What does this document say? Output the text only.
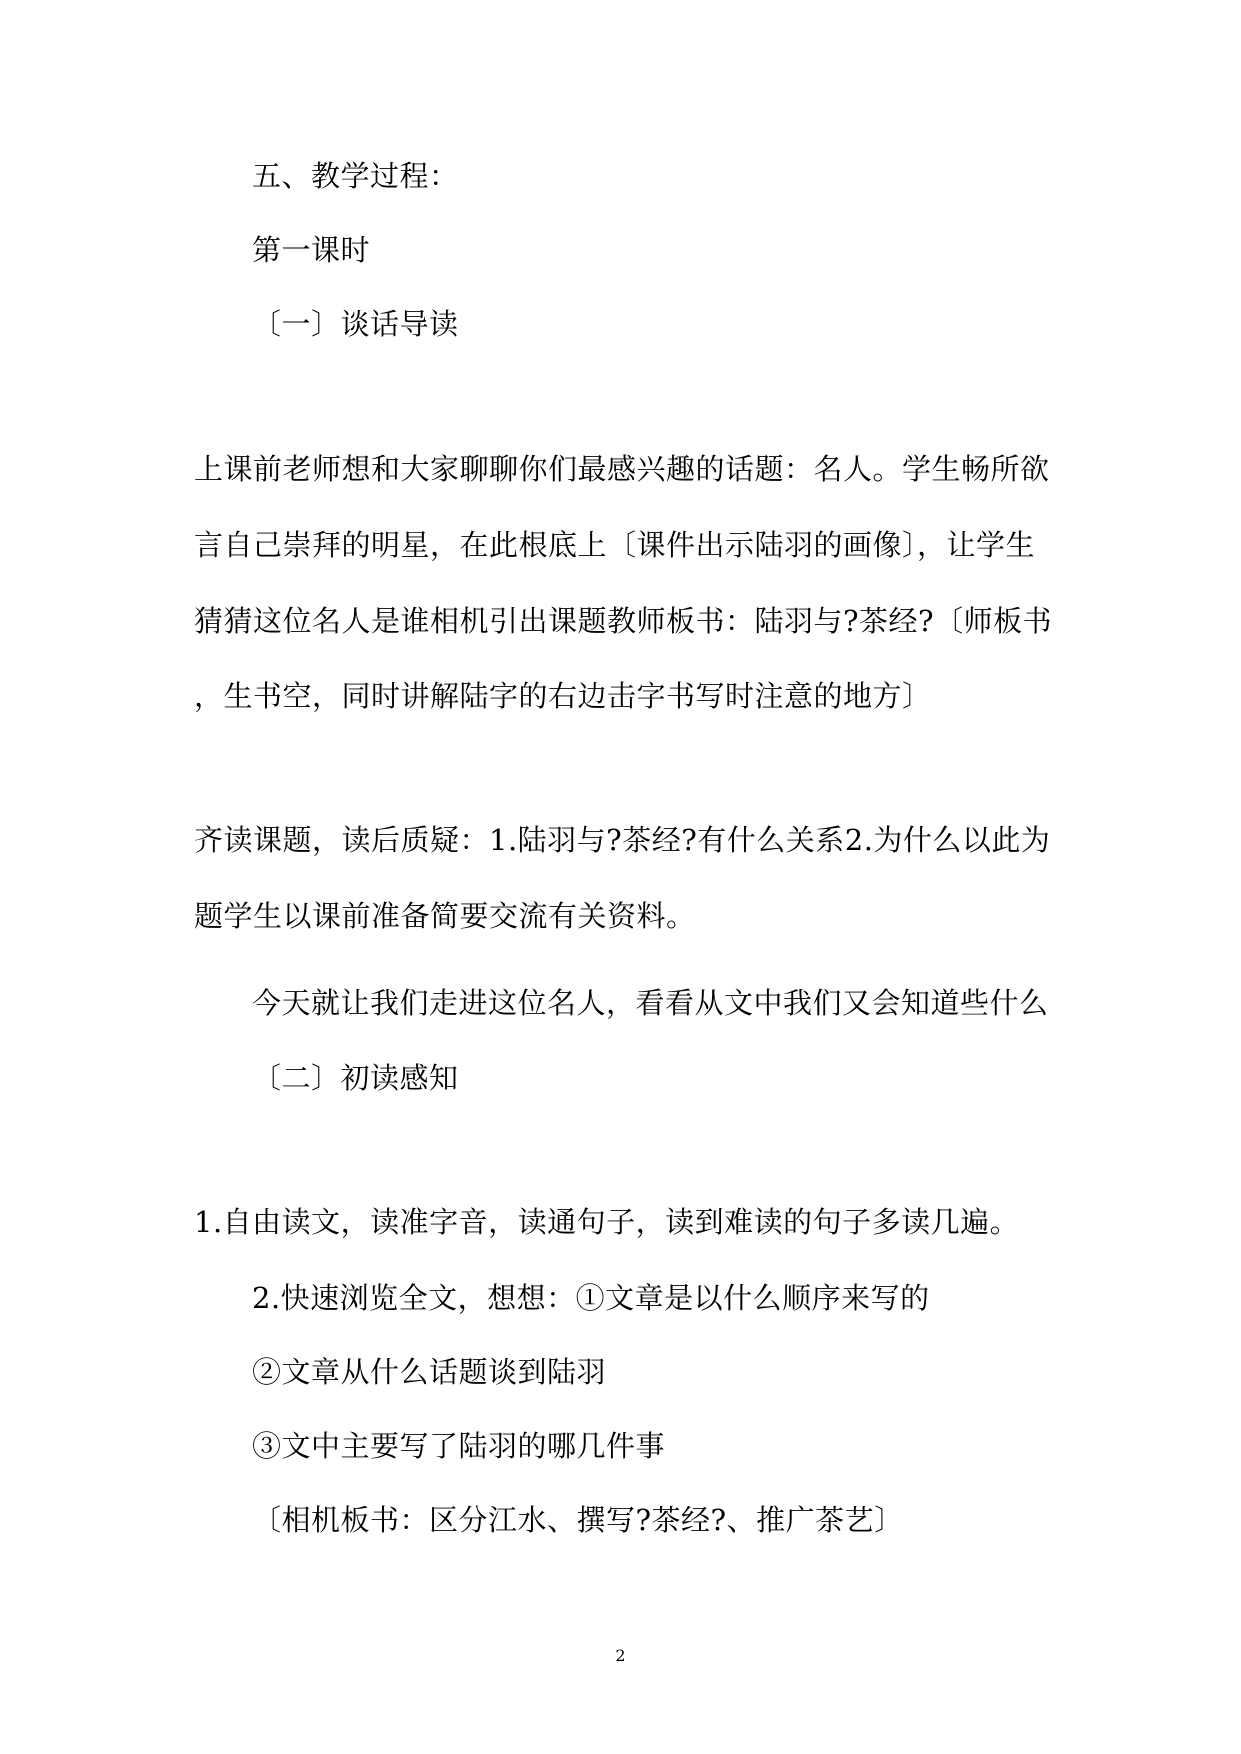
五、教学过程：
第一课时
〔一〕谈话导读
上课前老师想和大家聊聊你们最感兴趣的话题：名人。学生畅所欲
言自己崇拜的明星，在此根底上〔课件出示陆羽的画像〕，让学生
猜猜这位名人是谁相机引出课题教师板书：陆羽与?茶经?〔师板书
，生书空，同时讲解陆字的右边击字书写时注意的地方〕
齐读课题，读后质疑：1.陆羽与?茶经?有什么关系2.为什么以此为
题学生以课前准备简要交流有关资料。
今天就让我们走进这位名人，看看从文中我们又会知道些什么
〔二〕初读感知
1.自由读文，读准字音，读通句子，读到难读的句子多读几遍。
2.快速浏览全文，想想：①文章是以什么顺序来写的
②文章从什么话题谈到陆羽
③文中主要写了陆羽的哪几件事
〔相机板书：区分江水、撰写?茶经?、推广茶艺〕
2
